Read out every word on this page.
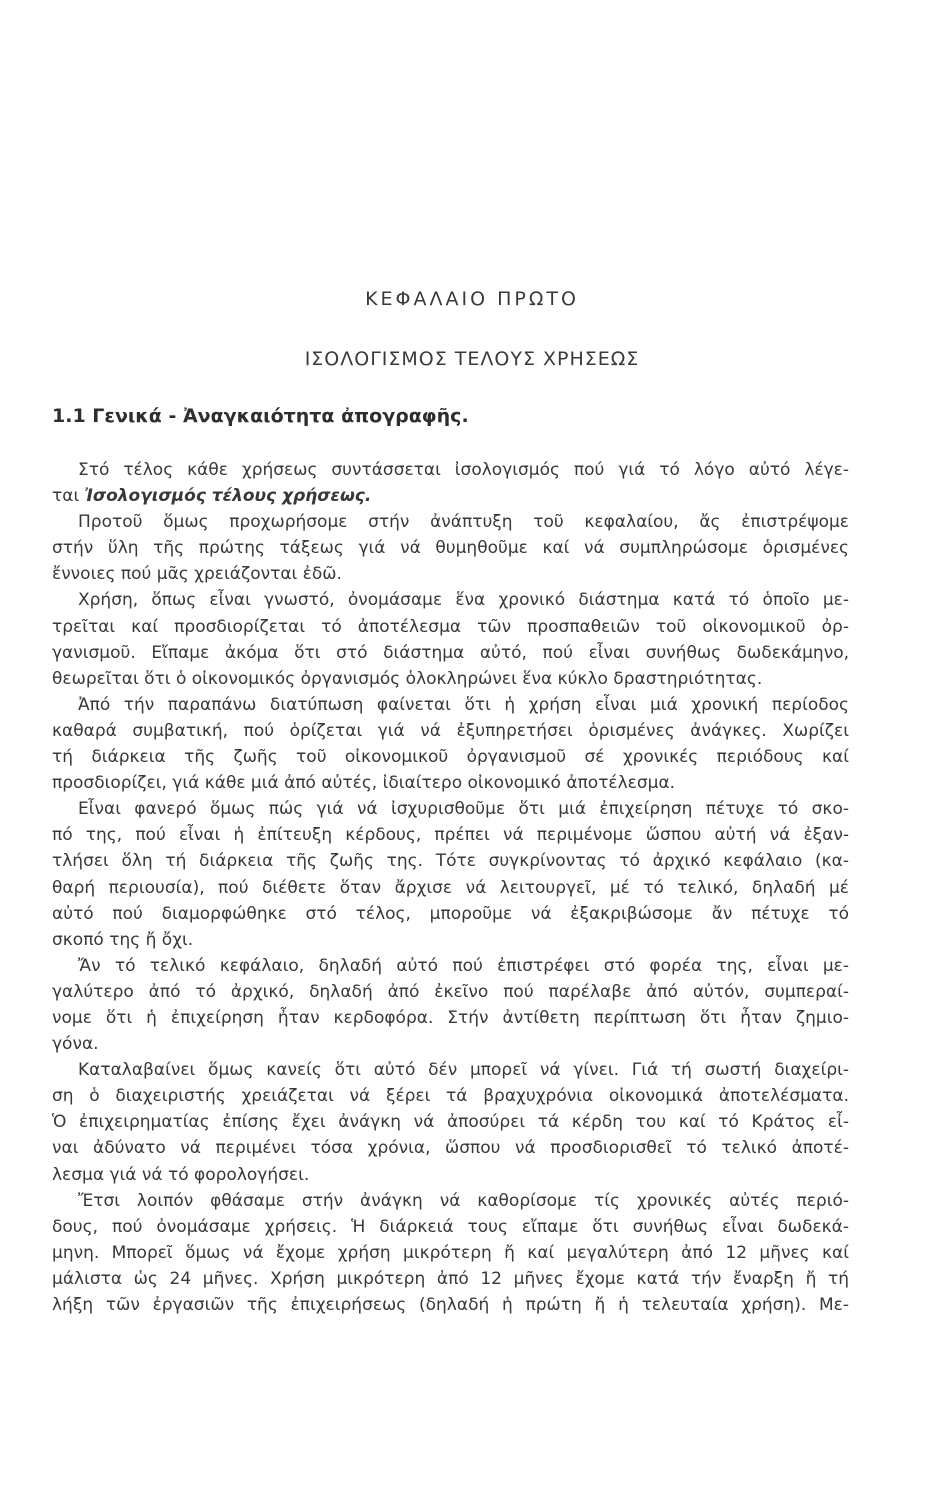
ΚΕΦΑΛΑΙΟ ΠΡΩΤΟ
ΙΣΟΛΟΓΙΣΜΟΣ ΤΕΛΟΥΣ ΧΡΗΣΕΩΣ
1.1 Γενικά - Ἀναγκαιότητα ἀπογραφῆς.
Στό τέλος κάθε χρήσεως συντάσσεται ἰσολογισμός πού γιά τό λόγο αὐτό λέγε-
ται Ἰσολογισμός τέλους χρήσεως.
Προτοῦ ὅμως προχωρήσομε στήν ἀνάπτυξη τοῦ κεφαλαίου, ἄς ἐπιστρέψομε
στήν ὕλη τῆς πρώτης τάξεως γιά νά θυμηθοῦμε καί νά συμπληρώσομε ὁρισμένες
ἔννοιες πού μᾶς χρειάζονται ἐδῶ.
Χρήση, ὅπως εἶναι γνωστό, ὀνομάσαμε ἕνα χρονικό διάστημα κατά τό ὁποῖο με-
τρεῖται καί προσδιορίζεται τό ἀποτέλεσμα τῶν προσπαθειῶν τοῦ οἰκονομικοῦ ὀρ-
γανισμοῦ. Εἴπαμε ἀκόμα ὅτι στό διάστημα αὐτό, πού εἶναι συνήθως δωδεκάμηνο,
θεωρεῖται ὅτι ὁ οἰκονομικός ὀργανισμός ὁλοκληρώνει ἕνα κύκλο δραστηριότητας.
Ἀπό τήν παραπάνω διατύπωση φαίνεται ὅτι ἡ χρήση εἶναι μιά χρονική περίοδος
καθαρά συμβατική, πού ὁρίζεται γιά νά ἐξυπηρετήσει ὁρισμένες ἀνάγκες. Χωρίζει
τή διάρκεια τῆς ζωῆς τοῦ οἰκονομικοῦ ὀργανισμοῦ σέ χρονικές περιόδους καί
προσδιορίζει, γιά κάθε μιά ἀπό αὐτές, ἰδιαίτερο οἰκονομικό ἀποτέλεσμα.
Εἶναι φανερό ὅμως πώς γιά νά ἰσχυρισθοῦμε ὅτι μιά ἐπιχείρηση πέτυχε τό σκο-
πό της, πού εἶναι ἡ ἐπίτευξη κέρδους, πρέπει νά περιμένομε ὥσπου αὐτή νά ἐξαν-
τλήσει ὅλη τή διάρκεια τῆς ζωῆς της. Τότε συγκρίνοντας τό ἀρχικό κεφάλαιο (κα-
θαρή περιουσία), πού διέθετε ὅταν ἄρχισε νά λειτουργεῖ, μέ τό τελικό, δηλαδή μέ
αὐτό πού διαμορφώθηκε στό τέλος, μποροῦμε νά ἐξακριβώσομε ἄν πέτυχε τό
σκοπό της ἤ ὄχι.
Ἄν τό τελικό κεφάλαιο, δηλαδή αὐτό πού ἐπιστρέφει στό φορέα της, εἶναι με-
γαλύτερο ἀπό τό ἀρχικό, δηλαδή ἀπό ἐκεῖνο πού παρέλαβε ἀπό αὐτόν, συμπεραί-
νομε ὅτι ἡ ἐπιχείρηση ἦταν κερδοφόρα. Στήν ἀντίθετη περίπτωση ὅτι ἦταν ζημιο-
γόνα.
Καταλαβαίνει ὅμως κανείς ὅτι αὐτό δέν μπορεῖ νά γίνει. Γιά τή σωστή διαχείρι-
ση ὁ διαχειριστής χρειάζεται νά ξέρει τά βραχυχρόνια οἰκονομικά ἀποτελέσματα.
Ὁ ἐπιχειρηματίας ἐπίσης ἔχει ἀνάγκη νά ἀποσύρει τά κέρδη του καί τό Κράτος εἶ-
ναι ἀδύνατο νά περιμένει τόσα χρόνια, ὥσπου νά προσδιορισθεῖ τό τελικό ἀποτέ-
λεσμα γιά νά τό φορολογήσει.
Ἔτσι λοιπόν φθάσαμε στήν ἀνάγκη νά καθορίσομε τίς χρονικές αὐτές περιό-
δους, πού ὀνομάσαμε χρήσεις. Ἡ διάρκειά τους εἴπαμε ὅτι συνήθως εἶναι δωδεκά-
μηνη. Μπορεῖ ὅμως νά ἔχομε χρήση μικρότερη ἤ καί μεγαλύτερη ἀπό 12 μῆνες καί
μάλιστα ὡς 24 μῆνες. Χρήση μικρότερη ἀπό 12 μῆνες ἔχομε κατά τήν ἔναρξη ἤ τή
λήξη τῶν ἐργασιῶν τῆς ἐπιχειρήσεως (δηλαδή ἡ πρώτη ἤ ἡ τελευταία χρήση). Με-
